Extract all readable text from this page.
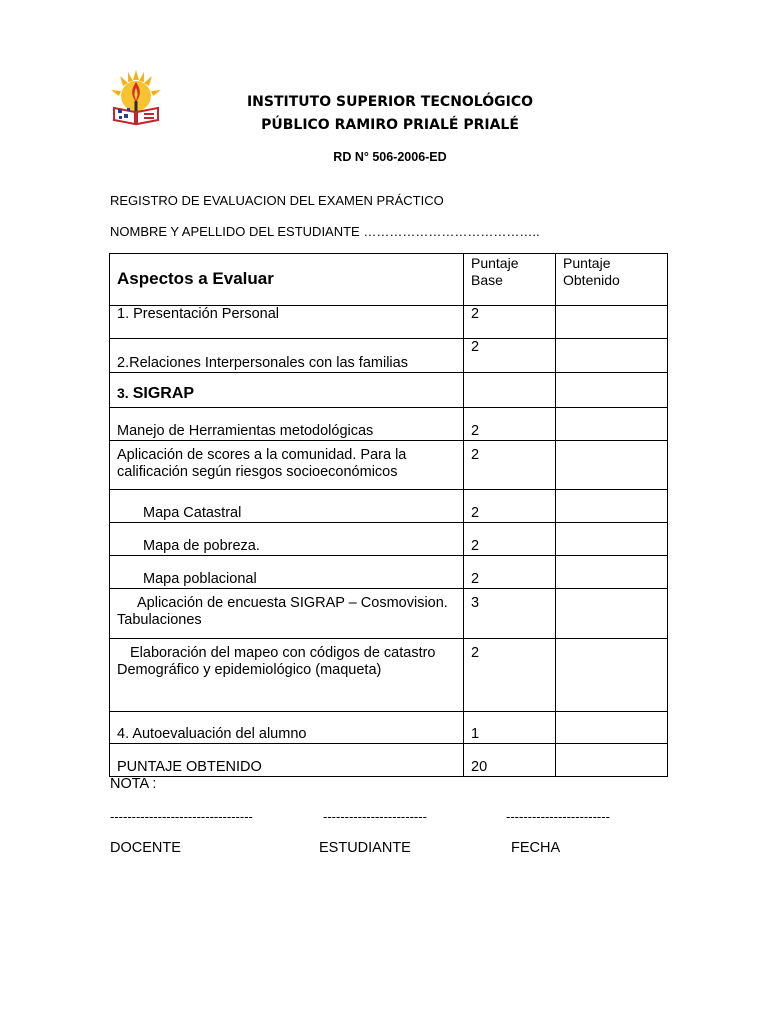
INSTITUTO SUPERIOR TECNOLÓGICO
PÚBLICO RAMIRO PRIALÉ PRIALÉ
RD N° 506-2006-ED
REGISTRO DE EVALUACION DEL EXAMEN PRÁCTICO
NOMBRE Y APELLIDO DEL ESTUDIANTE …………………………………..
Aspectos a Evaluar	Puntaje Base	Puntaje Obtenido
1. Presentación Personal	2	
2.Relaciones Interpersonales con las familias	2	
3. SIGRAP		
Manejo de Herramientas metodológicas	2	
Aplicación de scores a la comunidad. Para la calificación según riesgos socioeconómicos	2	
Mapa Catastral	2	
Mapa de pobreza.	2	
Mapa poblacional	2	
Aplicación de encuesta SIGRAP – Cosmovision. Tabulaciones	3	
Elaboración del mapeo con códigos de catastro Demográfico y epidemiológico (maqueta)	2	
4. Autoevaluación del alumno	1	
PUNTAJE OBTENIDO	20	
NOTA :
---------------------------------	------------------------	------------------------
DOCENTE	ESTUDIANTE	FECHA
